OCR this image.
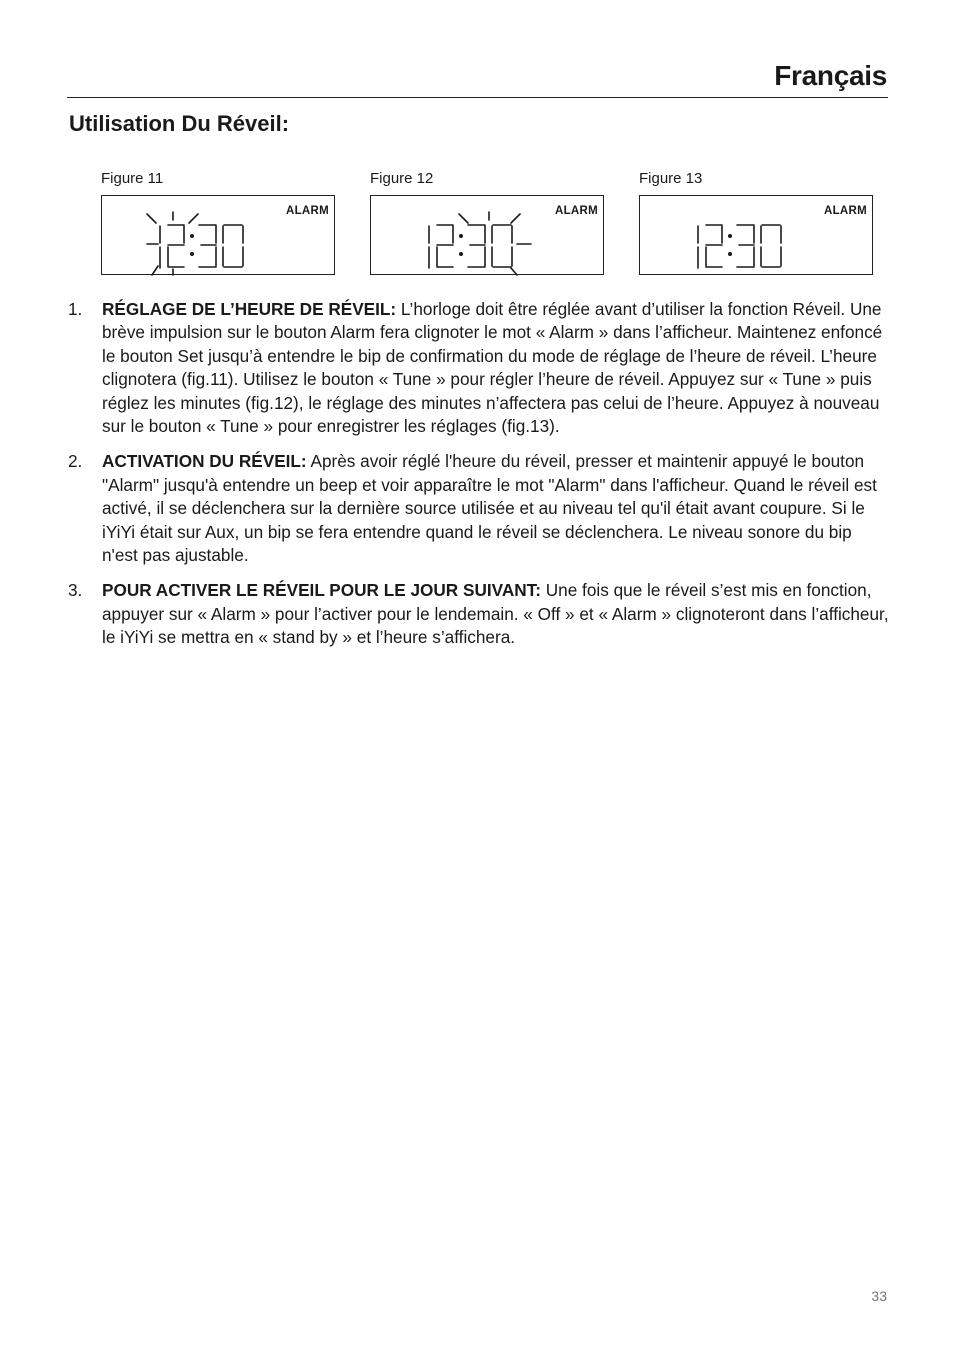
Français
Utilisation Du Réveil:
Figure 11
ALARM
Figure 12
ALARM
Figure 13
ALARM
1. RÉGLAGE DE L’HEURE DE RÉVEIL: L’horloge doit être réglée avant d’utiliser la fonction Réveil. Une brève impulsion sur le bouton Alarm fera clignoter le mot « Alarm » dans l’afficheur. Maintenez enfoncé le bouton Set jusqu’à entendre le bip de confirmation du mode de réglage de l’heure de réveil. L’heure clignotera (fig.11). Utilisez le bouton « Tune » pour régler l’heure de réveil. Appuyez sur « Tune » puis réglez les minutes (fig.12), le réglage des minutes n’affectera pas celui de l’heure. Appuyez à nouveau sur le bouton « Tune » pour enregistrer les réglages (fig.13).
2. ACTIVATION DU RÉVEIL: Après avoir réglé l'heure du réveil, presser et maintenir appuyé le bouton "Alarm" jusqu'à entendre un beep et voir apparaître le mot "Alarm" dans l'afficheur. Quand le réveil est activé, il se déclenchera sur la dernière source utilisée et au niveau tel qu'il était avant coupure. Si le iYiYi était sur Aux, un bip se fera entendre quand le réveil se déclenchera. Le niveau sonore du bip n'est pas ajustable.
3. POUR ACTIVER LE RÉVEIL POUR LE JOUR SUIVANT: Une fois que le réveil s’est mis en fonction, appuyer sur « Alarm » pour l’activer pour le lendemain. « Off » et « Alarm » clignoteront dans l’afficheur, le iYiYi se mettra en « stand by » et l’heure s’affichera.
33
